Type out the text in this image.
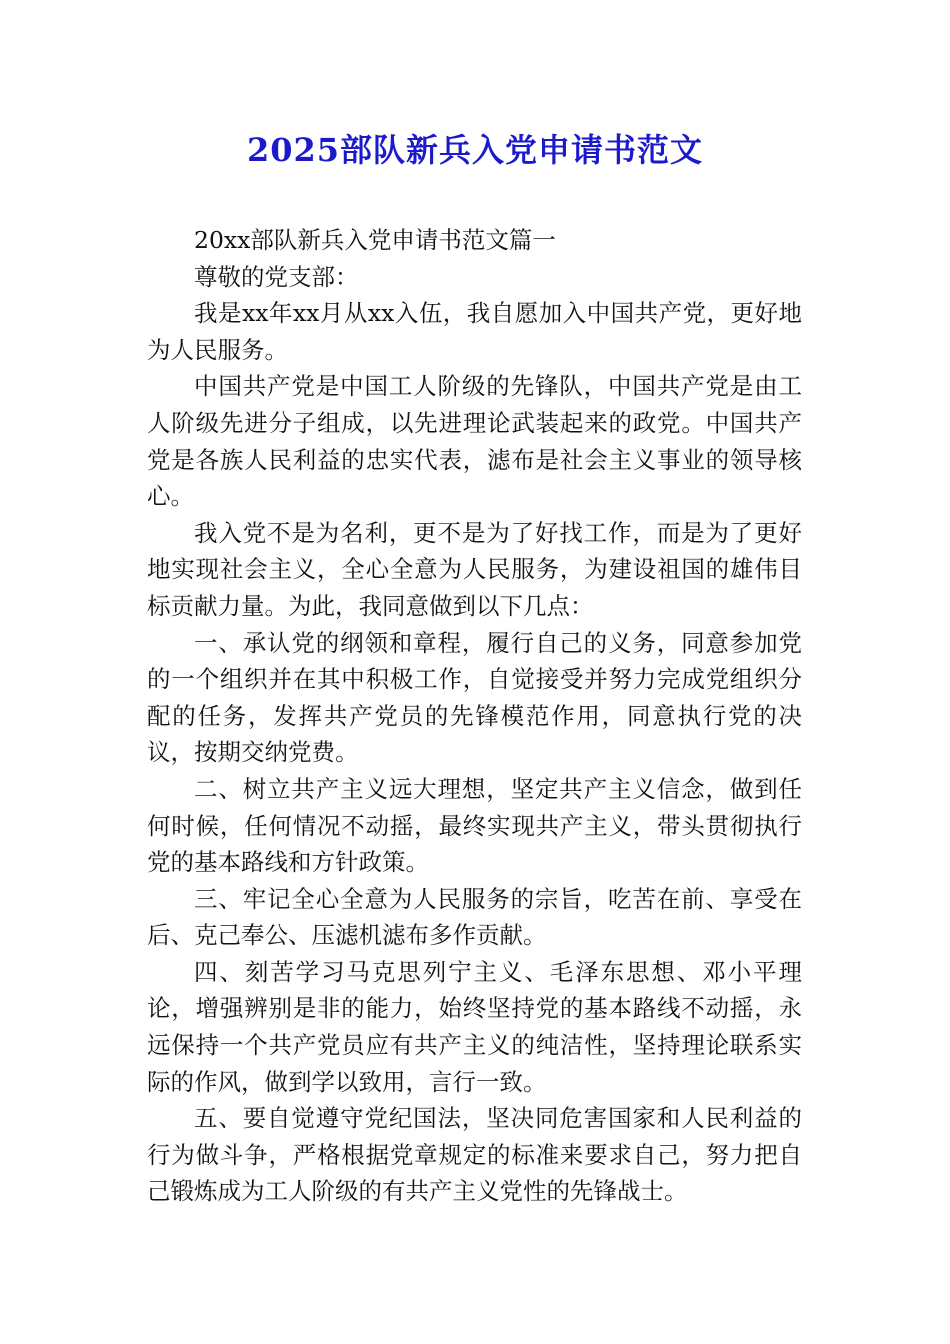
2025部队新兵入党申请书范文

20xx部队新兵入党申请书范文篇一

尊敬的党支部：

我是xx年xx月从xx入伍，我自愿加入中国共产党，更好地为人民服务。

中国共产党是中国工人阶级的先锋队，中国共产党是由工人阶级先进分子组成，以先进理论武装起来的政党。中国共产党是各族人民利益的忠实代表，滤布是社会主义事业的领导核心。

我入党不是为名利，更不是为了好找工作，而是为了更好地实现社会主义，全心全意为人民服务，为建设祖国的雄伟目标贡献力量。为此，我同意做到以下几点：

一、承认党的纲领和章程，履行自己的义务，同意参加党的一个组织并在其中积极工作，自觉接受并努力完成党组织分配的任务，发挥共产党员的先锋模范作用，同意执行党的决议，按期交纳党费。

二、树立共产主义远大理想，坚定共产主义信念，做到任何时候，任何情况不动摇，最终实现共产主义，带头贯彻执行党的基本路线和方针政策。

三、牢记全心全意为人民服务的宗旨，吃苦在前、享受在后、克己奉公、压滤机滤布多作贡献。

四、刻苦学习马克思列宁主义、毛泽东思想、邓小平理论，增强辨别是非的能力，始终坚持党的基本路线不动摇，永远保持一个共产党员应有共产主义的纯洁性，坚持理论联系实际的作风，做到学以致用，言行一致。

五、要自觉遵守党纪国法，坚决同危害国家和人民利益的行为做斗争，严格根据党章规定的标准来要求自己，努力把自己锻炼成为工人阶级的有共产主义党性的先锋战士。
